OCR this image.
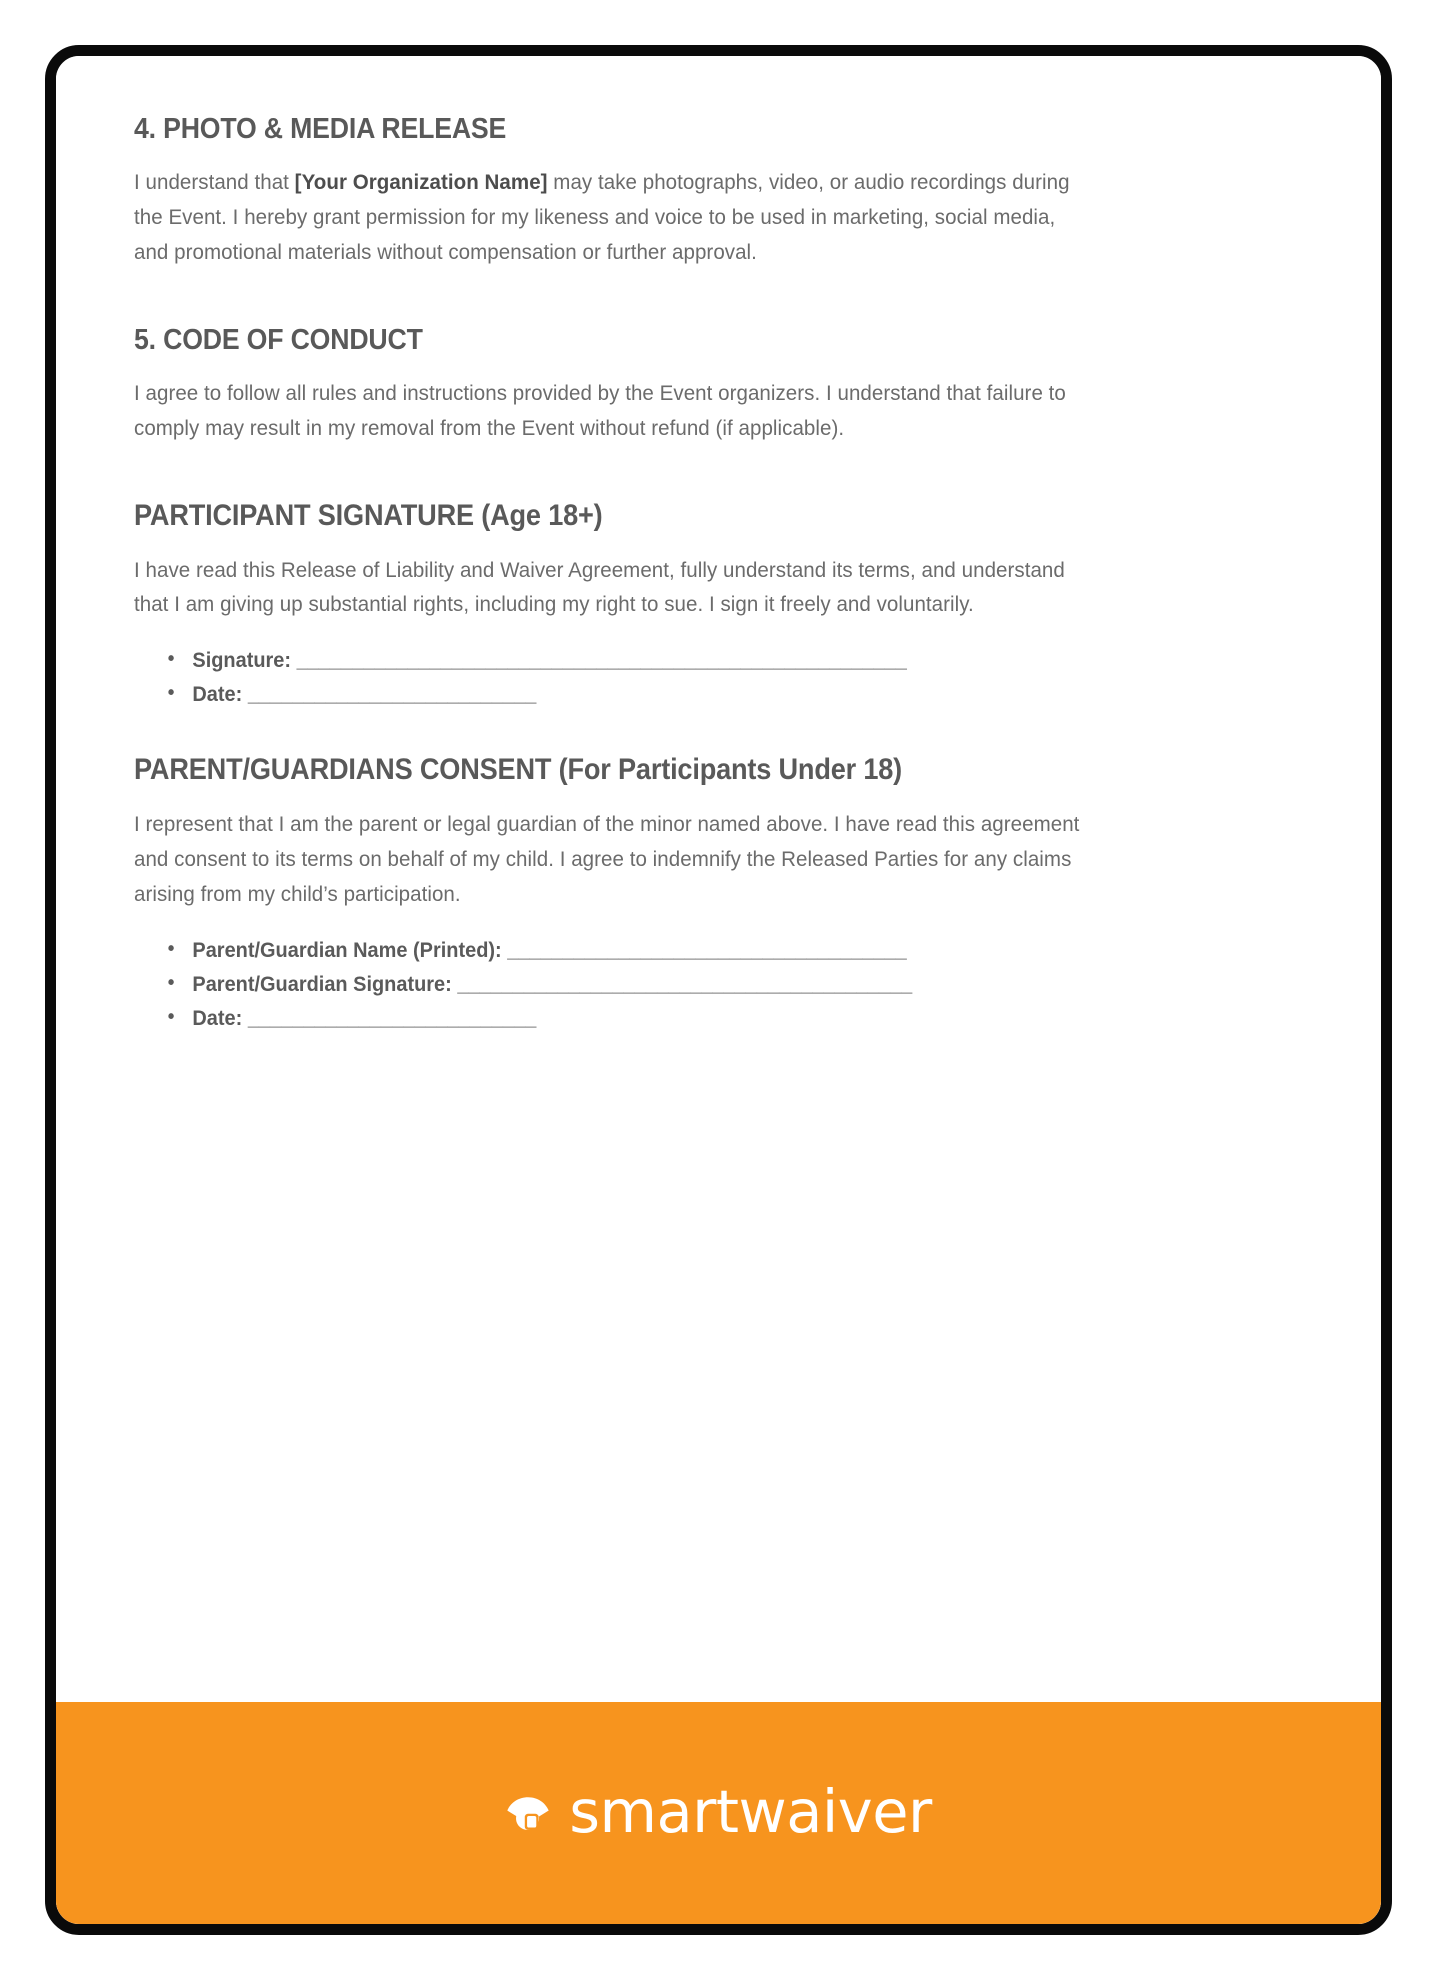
4. PHOTO & MEDIA RELEASE

I understand that [Your Organization Name] may take photographs, video, or audio recordings during the Event. I hereby grant permission for my likeness and voice to be used in marketing, social media, and promotional materials without compensation or further approval.

5. CODE OF CONDUCT

I agree to follow all rules and instructions provided by the Event organizers. I understand that failure to comply may result in my removal from the Event without refund (if applicable).

PARTICIPANT SIGNATURE (Age 18+)

I have read this Release of Liability and Waiver Agreement, fully understand its terms, and understand that I am giving up substantial rights, including my right to sue. I sign it freely and voluntarily.

• Signature: _______________________________________________________
• Date: __________________________
PARENT/GUARDIANS CONSENT (For Participants Under 18)

I represent that I am the parent or legal guardian of the minor named above. I have read this agreement and consent to its terms on behalf of my child. I agree to indemnify the Released Parties for any claims arising from my child’s participation.

• Parent/Guardian Name (Printed): ____________________________________
• Parent/Guardian Signature: _________________________________________
• Date: __________________________
smartwaiver
